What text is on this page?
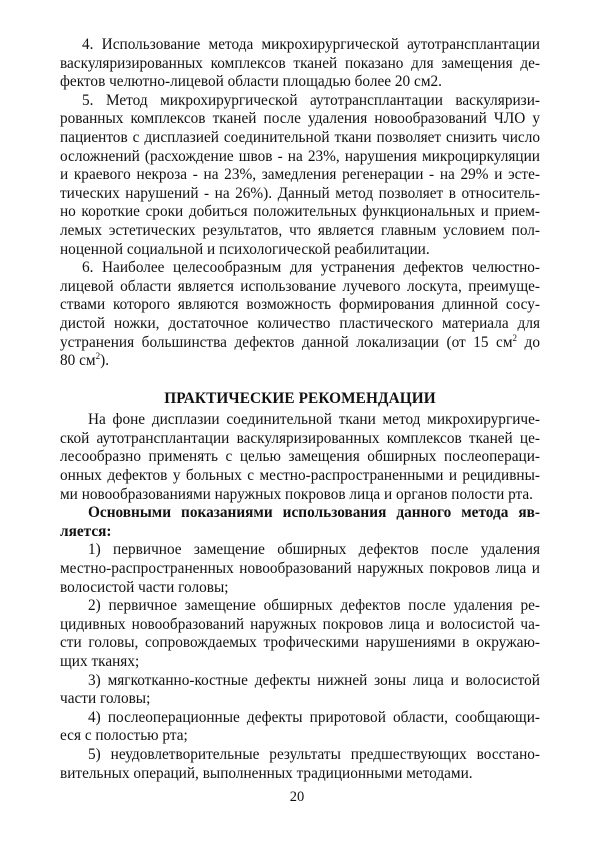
4. Использование метода микрохирургической аутотрансплантации
васкуляризированных комплексов тканей показано для замещения де-
фектов челютно-лицевой области площадью более 20 см2.

5. Метод микрохирургической аутотрансплантации васкуляризи-
рованных комплексов тканей после удаления новообразований ЧЛО у
пациентов с дисплазией соединительной ткани позволяет снизить число
осложнений (расхождение швов - на 23%, нарушения микроциркуляции
и краевого некроза - на 23%, замедления регенерации - на 29% и эсте-
тических нарушений - на 26%). Данный метод позволяет в относитель-
но короткие сроки добиться положительных функциональных и прием-
лемых эстетических результатов, что является главным условием пол-
ноценной социальной и психологической реабилитации.

6. Наиболее целесообразным для устранения дефектов челюстно-
лицевой области является использование лучевого лоскута, преимуще-
ствами которого являются возможность формирования длинной сосу-
дистой ножки, достаточное количество пластического материала для
устранения большинства дефектов данной локализации (от 15 $см^2$ до
80 $см^2$).

ПРАКТИЧЕСКИЕ РЕКОМЕНДАЦИИ

На фоне дисплазии соединительной ткани метод микрохирургиче-
ской аутотрансплантации васкуляризированных комплексов тканей це-
лесообразно применять с целью замещения обширных послеопераци-
онных дефектов у больных с местно-распространенными и рецидивны-
ми новообразованиями наружных покровов лица и органов полости рта.

Основными показаниями использования данного метода яв-
ляется:

1) первичное замещение обширных дефектов после удаления
местно-распространенных новообразований наружных покровов лица и
волосистой части головы;

2) первичное замещение обширных дефектов после удаления ре-
цидивных новообразований наружных покровов лица и волосистой ча-
сти головы, сопровождаемых трофическими нарушениями в окружаю-
щих тканях;

3) мягкотканно-костные дефекты нижней зоны лица и волосистой
части головы;

4) послеоперационные дефекты приротовой области, сообщающи-
еся с полостью рта;

5) неудовлетворительные результаты предшествующих восстано-
вительных операций, выполненных традиционными методами.

20
